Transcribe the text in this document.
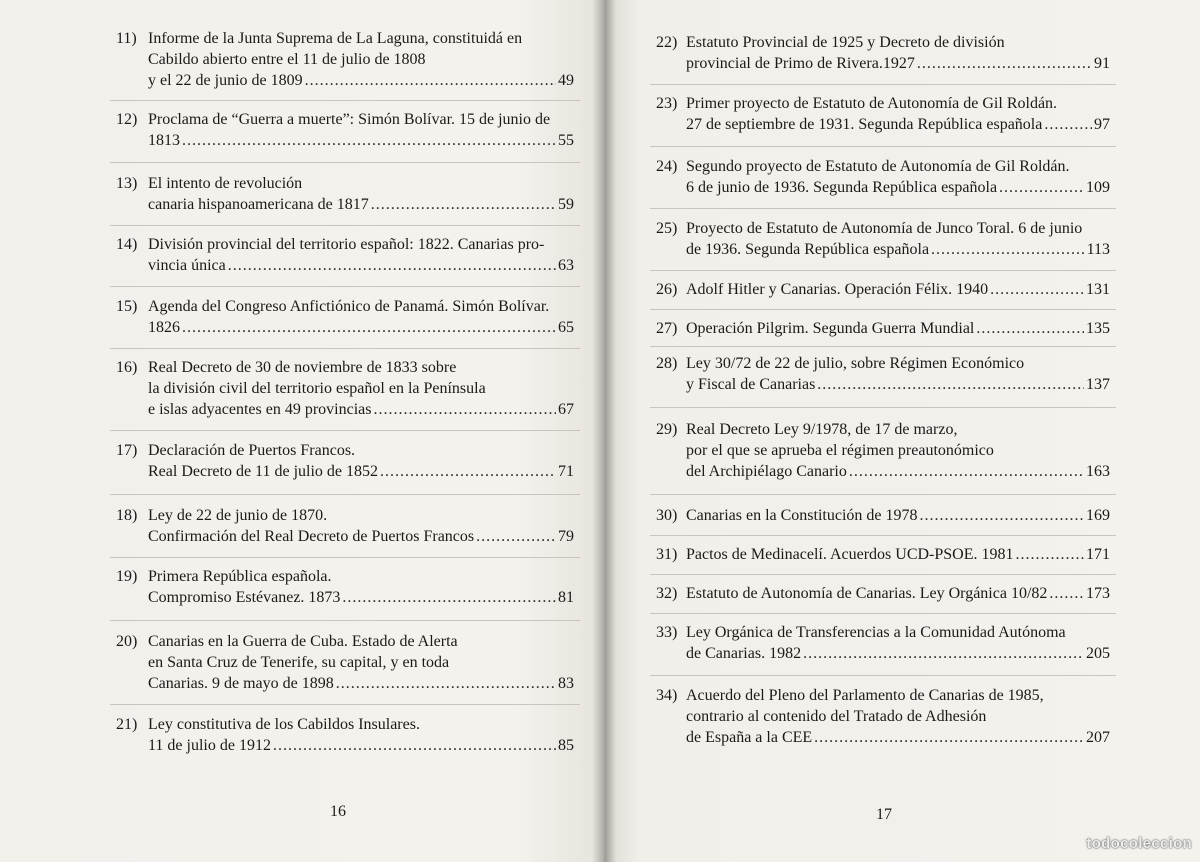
16	17
todocoleccion
11) Informe de la Junta Suprema de La Laguna, constituidá en
Cabildo abierto entre el 11 de julio de 1808
y el 22 de junio de 1809 .....	49
12) Proclama de “Guerra a muerte”: Simón Bolívar. 15 de junio de
1813 .....	55
13) El intento de revolución
canaria hispanoamericana de 1817 .....	59
14) División provincial del territorio español: 1822. Canarias pro-
vincia única .....	63
15) Agenda del Congreso Anfictiónico de Panamá. Simón Bolívar.
1826 .....	65
16) Real Decreto de 30 de noviembre de 1833 sobre
la división civil del territorio español en la Península
e islas adyacentes en 49 provincias .....	67
17) Declaración de Puertos Francos.
Real Decreto de 11 de julio de 1852 .....	71
18) Ley de 22 de junio de 1870.
Confirmación del Real Decreto de Puertos Francos .....	79
19) Primera República española.
Compromiso Estévanez. 1873 .....	81
20) Canarias en la Guerra de Cuba. Estado de Alerta
en Santa Cruz de Tenerife, su capital, y en toda
Canarias. 9 de mayo de 1898 .....	83
21) Ley constitutiva de los Cabildos Insulares.
11 de julio de 1912 .....	85
22) Estatuto Provincial de 1925 y Decreto de división
provincial de Primo de Rivera.1927 .....	91
23) Primer proyecto de Estatuto de Autonomía de Gil Roldán.
27 de septiembre de 1931. Segunda República española .....	97
24) Segundo proyecto de Estatuto de Autonomía de Gil Roldán.
6 de junio de 1936. Segunda República española .....	109
25) Proyecto de Estatuto de Autonomía de Junco Toral. 6 de junio
de 1936. Segunda República española .....	113
26) Adolf Hitler y Canarias. Operación Félix. 1940 .....	131
27) Operación Pilgrim. Segunda Guerra Mundial .....	135
28) Ley 30/72 de 22 de julio, sobre Régimen Económico
y Fiscal de Canarias .....	137
29) Real Decreto Ley 9/1978, de 17 de marzo,
por el que se aprueba el régimen preautonómico
del Archipiélago Canario .....	163
30) Canarias en la Constitución de 1978 .....	169
31) Pactos de Medinacelí. Acuerdos UCD-PSOE. 1981 .....	171
32) Estatuto de Autonomía de Canarias. Ley Orgánica 10/82 ..... 173
33) Ley Orgánica de Transferencias a la Comunidad Autónoma
de Canarias. 1982 .....	205
34) Acuerdo del Pleno del Parlamento de Canarias de 1985,
contrario al contenido del Tratado de Adhesión
de España a la CEE .....	207
